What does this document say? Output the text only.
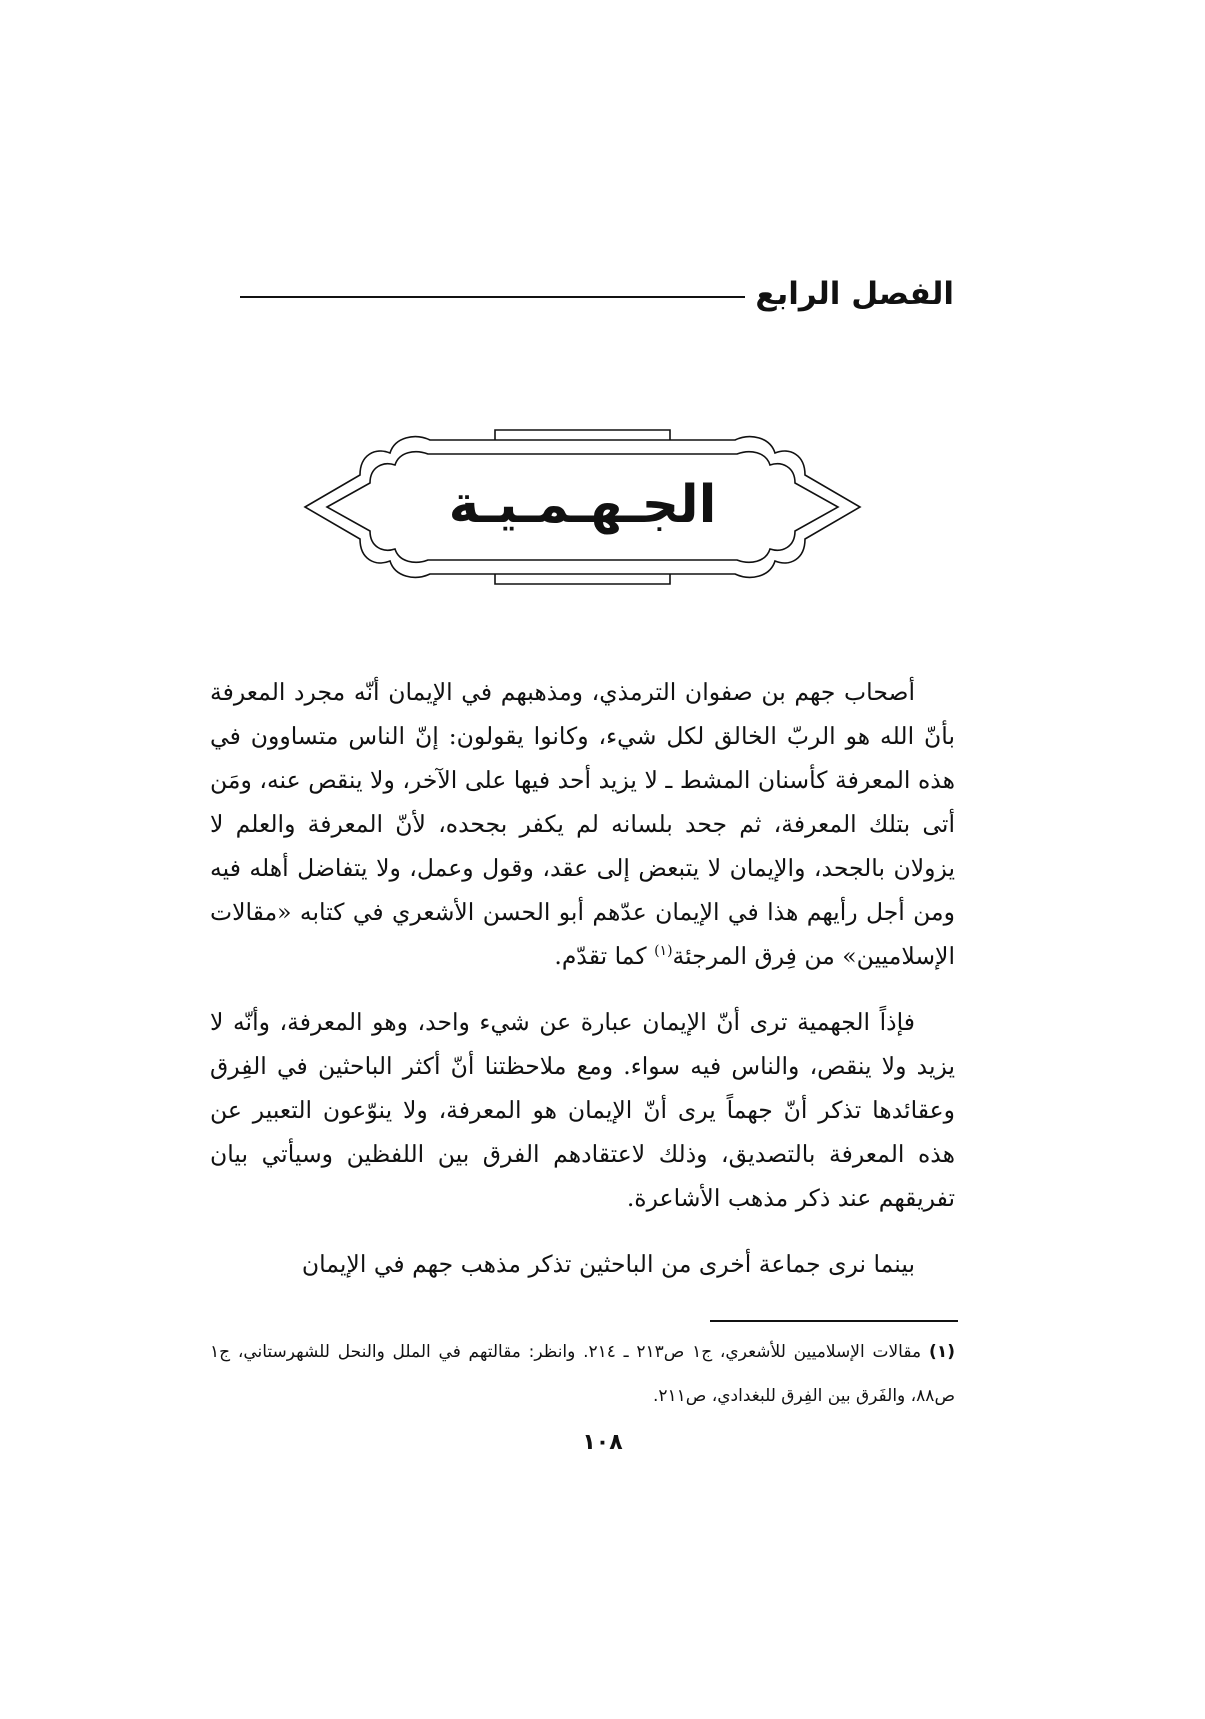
الفصل الرابع
الجـهـمـيـة

أصحاب جهم بن صفوان الترمذي، ومذهبهم في الإيمان أنّه مجرد المعرفة بأنّ الله هو الربّ الخالق لكل شيء، وكانوا يقولون: إنّ الناس متساوون في هذه المعرفة كأسنان المشط ـ لا يزيد أحد فيها على الآخر، ولا ينقص عنه، ومَن أتى بتلك المعرفة، ثم جحد بلسانه لم يكفر بجحده، لأنّ المعرفة والعلم لا يزولان بالجحد، والإيمان لا يتبعض إلى عقد، وقول وعمل، ولا يتفاضل أهله فيه ومن أجل رأيهم هذا في الإيمان عدّهم أبو الحسن الأشعري في كتابه «مقالات الإسلاميين» من فِرق المرجئة$^{(١)}$ كما تقدّم.

فإذاً الجهمية ترى أنّ الإيمان عبارة عن شيء واحد، وهو المعرفة، وأنّه لا يزيد ولا ينقص، والناس فيه سواء. ومع ملاحظتنا أنّ أكثر الباحثين في الفِرق وعقائدها تذكر أنّ جهماً يرى أنّ الإيمان هو المعرفة، ولا ينوّعون التعبير عن هذه المعرفة بالتصديق، وذلك لاعتقادهم الفرق بين اللفظين وسيأتي بيان تفريقهم عند ذكر مذهب الأشاعرة.

بينما نرى جماعة أخرى من الباحثين تذكر مذهب جهم في الإيمان

(١)مقالات الإسلاميين للأشعري، ج١ ص٢١٣ ـ ٢١٤. وانظر: مقالتهم في الملل والنحل للشهرستاني، ج١ ص٨٨، والفَرق بين الفِرق للبغدادي، ص٢١١.
١٠٨
